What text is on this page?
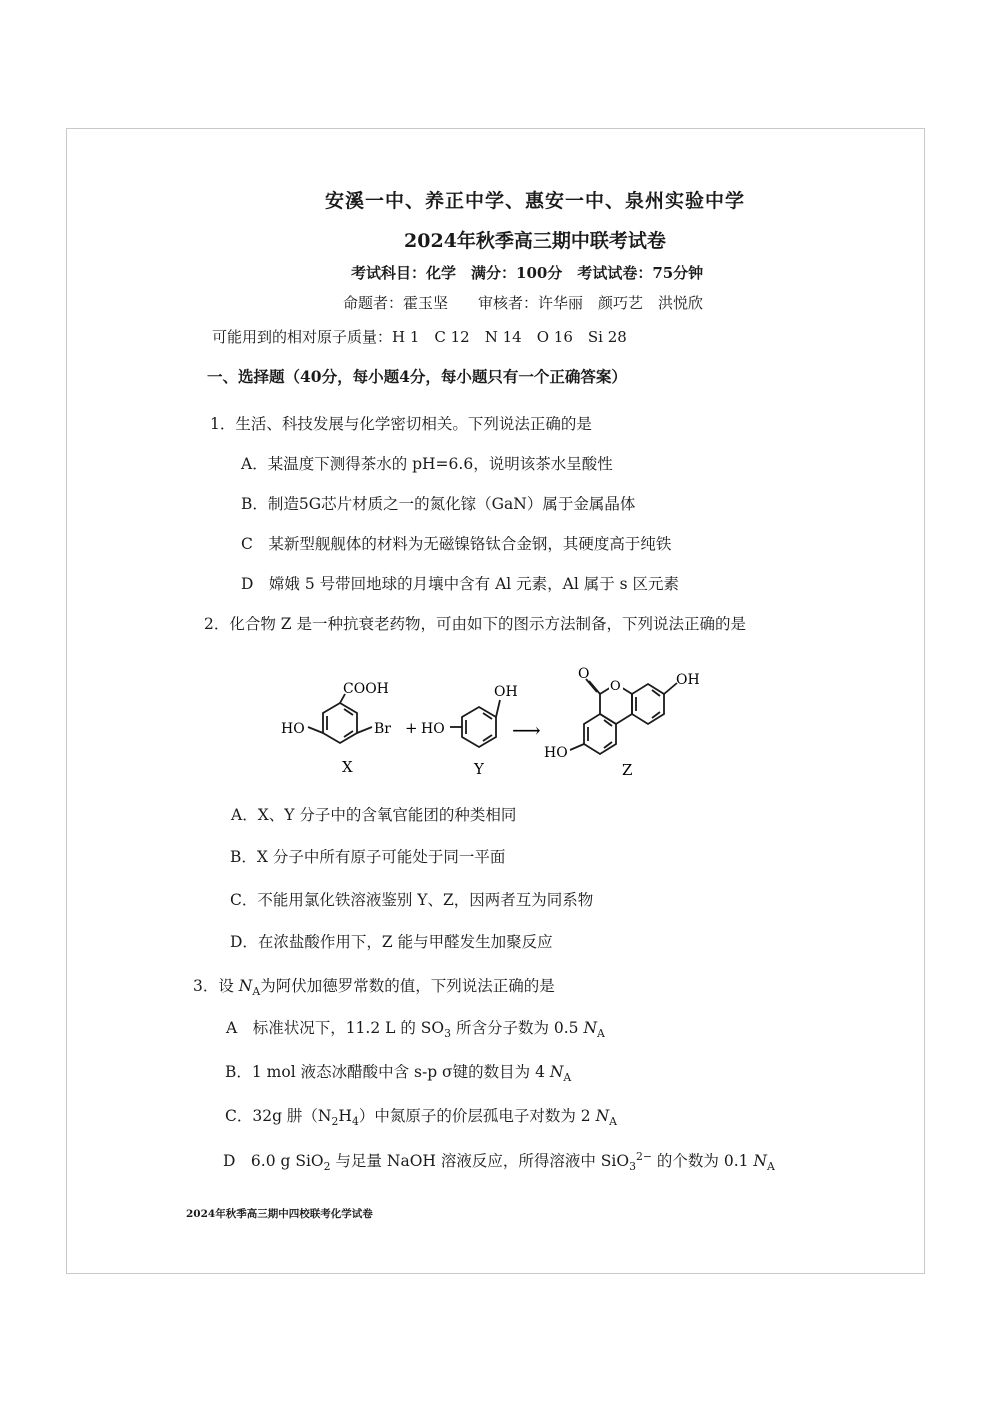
安溪一中、养正中学、惠安一中、泉州实验中学
2024年秋季高三期中联考试卷
考试科目：化学　满分：100分　考试试卷：75分钟
命题者：霍玉坚　　审核者：许华丽　颜巧艺　洪悦欣
可能用到的相对原子质量：H 1　C 12　N 14　O 16　Si 28
一、选择题（40分，每小题4分，每小题只有一个正确答案）
1．生活、科技发展与化学密切相关。下列说法正确的是
A．某温度下测得茶水的 pH=6.6，说明该茶水呈酸性
B．制造5G芯片材质之一的氮化镓（GaN）属于金属晶体
C　某新型舰舰体的材料为无磁镍铬钛合金钢，其硬度高于纯铁
D　嫦娥 5 号带回地球的月壤中含有 Al 元素，Al 属于 s 区元素
2．化合物 Z 是一种抗衰老药物，可由如下的图示方法制备，下列说法正确的是
COOH
Br
HO
X
+
OH
HO
Y
⟶
O
O	OH
HO
Z
A．X、Y 分子中的含氧官能团的种类相同
B．X 分子中所有原子可能处于同一平面
C．不能用氯化铁溶液鉴别 Y、Z，因两者互为同系物
D．在浓盐酸作用下，Z 能与甲醛发生加聚反应
3．设 $N_A$为阿伏加德罗常数的值，下列说法正确的是
A　标准状况下，11.2 L 的 $SO_3$ 所含分子数为 0.5 $N_A$
B．1 mol 液态冰醋酸中含 s-p σ键的数目为 4 $N_A$
C．32g 肼$(N_2H_4)$中氮原子的价层孤电子对数为 2 $N_A$
D　6.0 g SiO$_2$ 与足量 NaOH 溶液反应，所得溶液中 SiO$_3^{2-}$ 的个数为 0.1 $N_A$
2024年秋季高三期中四校联考化学试卷
